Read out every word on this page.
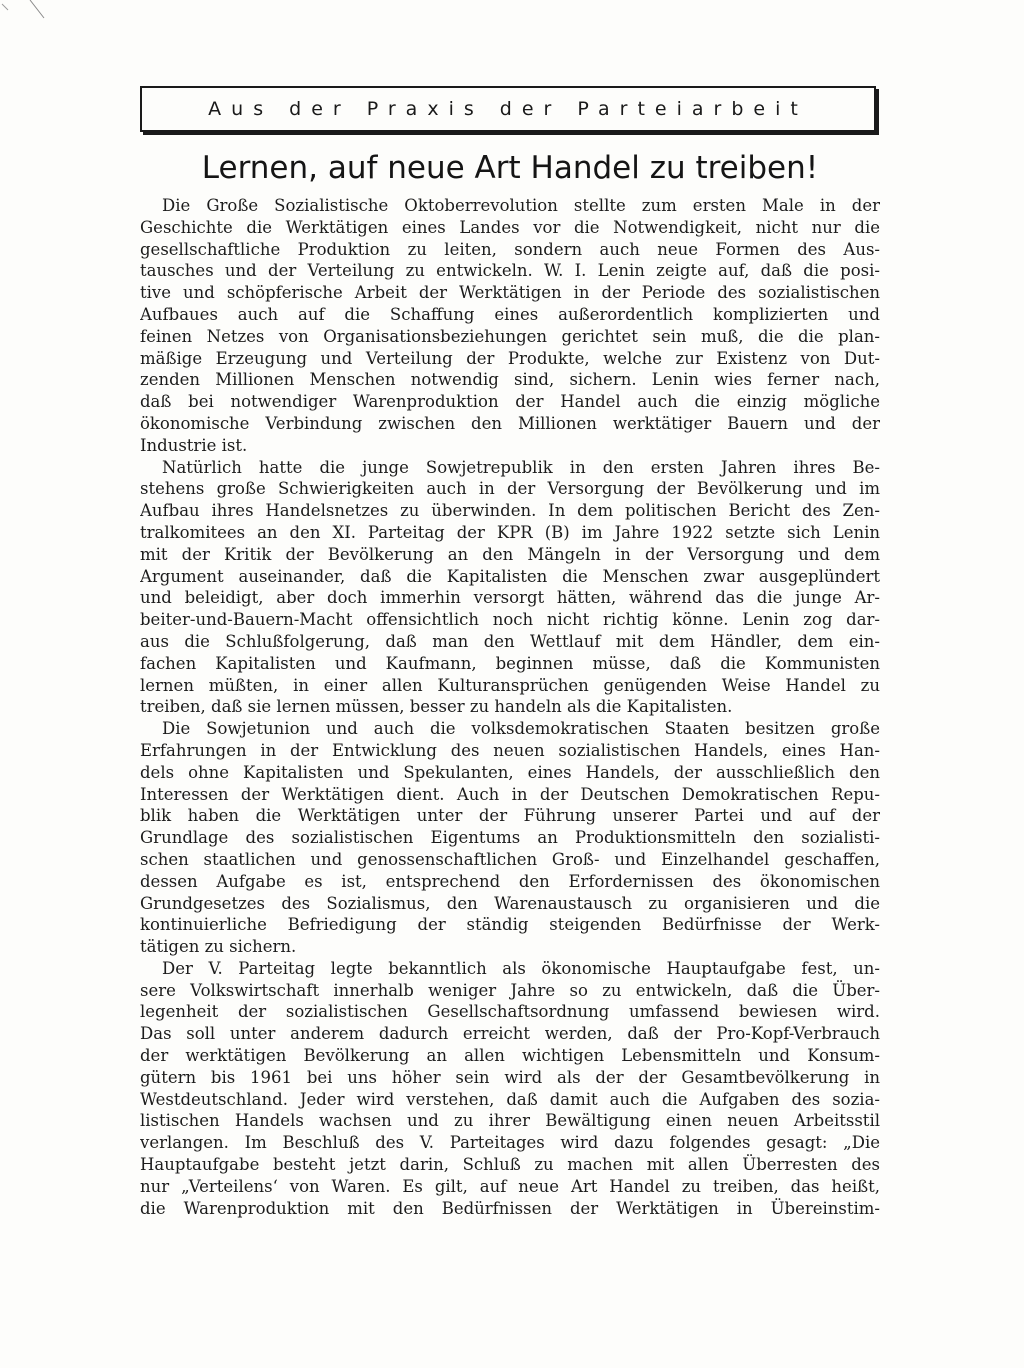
Aus der Praxis der Parteiarbeit
Lernen, auf neue Art Handel zu treiben!
Die Große Sozialistische Oktoberrevolution stellte zum ersten Male in der
Geschichte die Werktätigen eines Landes vor die Notwendigkeit, nicht nur die
gesellschaftliche Produktion zu leiten, sondern auch neue Formen des Aus-
tausches und der Verteilung zu entwickeln. W. I. Lenin zeigte auf, daß die posi-
tive und schöpferische Arbeit der Werktätigen in der Periode des sozialistischen
Aufbaues auch auf die Schaffung eines außerordentlich komplizierten und
feinen Netzes von Organisationsbeziehungen gerichtet sein muß, die die plan-
mäßige Erzeugung und Verteilung der Produkte, welche zur Existenz von Dut-
zenden Millionen Menschen notwendig sind, sichern. Lenin wies ferner nach,
daß bei notwendiger Warenproduktion der Handel auch die einzig mögliche
ökonomische Verbindung zwischen den Millionen werktätiger Bauern und der
Industrie ist.
Natürlich hatte die junge Sowjetrepublik in den ersten Jahren ihres Be-
stehens große Schwierigkeiten auch in der Versorgung der Bevölkerung und im
Aufbau ihres Handelsnetzes zu überwinden. In dem politischen Bericht des Zen-
tralkomitees an den XI. Parteitag der KPR (B) im Jahre 1922 setzte sich Lenin
mit der Kritik der Bevölkerung an den Mängeln in der Versorgung und dem
Argument auseinander, daß die Kapitalisten die Menschen zwar ausgeplündert
und beleidigt, aber doch immerhin versorgt hätten, während das die junge Ar-
beiter-und-Bauern-Macht offensichtlich noch nicht richtig könne. Lenin zog dar-
aus die Schlußfolgerung, daß man den Wettlauf mit dem Händler, dem ein-
fachen Kapitalisten und Kaufmann, beginnen müsse, daß die Kommunisten
lernen müßten, in einer allen Kulturansprüchen genügenden Weise Handel zu
treiben, daß sie lernen müssen, besser zu handeln als die Kapitalisten.
Die Sowjetunion und auch die volksdemokratischen Staaten besitzen große
Erfahrungen in der Entwicklung des neuen sozialistischen Handels, eines Han-
dels ohne Kapitalisten und Spekulanten, eines Handels, der ausschließlich den
Interessen der Werktätigen dient. Auch in der Deutschen Demokratischen Repu-
blik haben die Werktätigen unter der Führung unserer Partei und auf der
Grundlage des sozialistischen Eigentums an Produktionsmitteln den sozialisti-
schen staatlichen und genossenschaftlichen Groß- und Einzelhandel geschaffen,
dessen Aufgabe es ist, entsprechend den Erfordernissen des ökonomischen
Grundgesetzes des Sozialismus, den Warenaustausch zu organisieren und die
kontinuierliche Befriedigung der ständig steigenden Bedürfnisse der Werk-
tätigen zu sichern.
Der V. Parteitag legte bekanntlich als ökonomische Hauptaufgabe fest, un-
sere Volkswirtschaft innerhalb weniger Jahre so zu entwickeln, daß die Über-
legenheit der sozialistischen Gesellschaftsordnung umfassend bewiesen wird.
Das soll unter anderem dadurch erreicht werden, daß der Pro-Kopf-Verbrauch
der werktätigen Bevölkerung an allen wichtigen Lebensmitteln und Konsum-
gütern bis 1961 bei uns höher sein wird als der der Gesamtbevölkerung in
Westdeutschland. Jeder wird verstehen, daß damit auch die Aufgaben des sozia-
listischen Handels wachsen und zu ihrer Bewältigung einen neuen Arbeitsstil
verlangen. Im Beschluß des V. Parteitages wird dazu folgendes gesagt: „Die
Hauptaufgabe besteht jetzt darin, Schluß zu machen mit allen Überresten des
nur „Verteilens‘ von Waren. Es gilt, auf neue Art Handel zu treiben, das heißt,
die Warenproduktion mit den Bedürfnissen der Werktätigen in Übereinstim-
